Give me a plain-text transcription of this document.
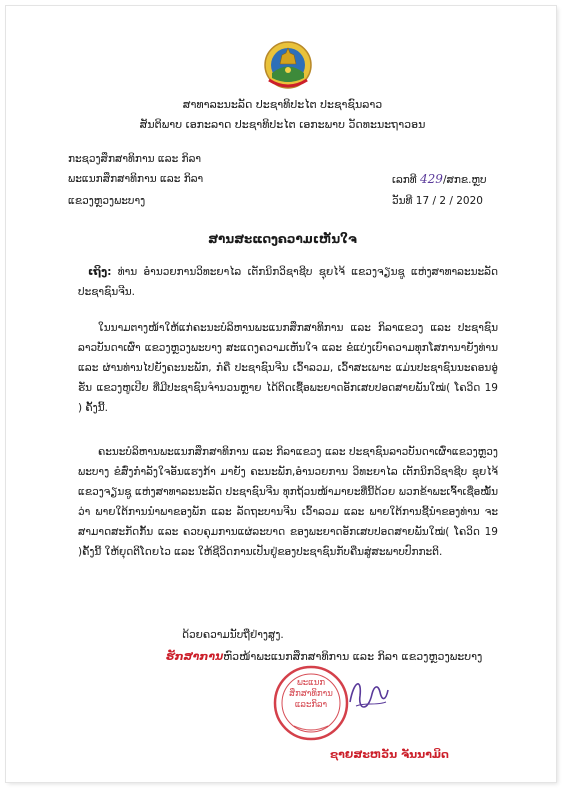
ສາທາລະນະລັດ ປະຊາທິປະໄຕ ປະຊາຊົນລາວ
ສັນຕິພາບ ເອກະລາດ ປະຊາທິປະໄຕ ເອກະພາບ ວັດທະນະຖາວອນ
ກະຊວງສຶກສາທິການ ແລະ ກິລາ
ພະແນກສຶກສາທິການ ແລະ ກິລາ
ແຂວງຫຼວງພະບາງ
ເລກທີ 429/ສກຂ.ຫຼບ
ວັນທີ 17 / 2 / 2020
ສານສະແດງຄວາມເຫັນໃຈ
ເຖິງ: ທ່ານ ອຳນວຍການວິທະຍາໄລ ເຕັກນິກວິຊາຊີບ ຊຸຍໄຈ້ ແຂວງຈຽນຊູ ແຫ່ງສາທາລະນະລັດ ປະຊາຊົນຈີນ.
ໃນນາມຕາງໜ້າໃຫ້ແກ່ຄະນະບໍລິຫານພະແນກສຶກສາທິການ ແລະ ກິລາແຂວງ ແລະ ປະຊາຊົນລາວບັນດາເຜົ່າ ແຂວງຫຼວງພະບາງ ສະແດງຄວາມເຫັນໃຈ ແລະ ຂໍແບ່ງເບົາຄວາມທຸກໂສການາຍັງທ່ານ ແລະ ຜ່ານທ່ານໄປຍັງຄະນະພັກ, ກໍຄື ປະຊາຊົນຈີນ ເວົ້າລວມ, ເວົ້າສະເພາະ ແມ່ນປະຊາຊົນນະຄອນອູ່ຮັ່ນ ແຂວງຫູເປີຍ ທີ່ມີປະຊາຊົນຈຳນວນຫຼາຍ ໄດ້ຕິດເຊື້ອພະຍາດອັກເສບປອດສາຍພັນໃໝ່( ໂຄວິດ 19 ) ຄັ້ງນີ້.
ຄະນະບໍລິຫານພະແນກສຶກສາທິການ ແລະ ກິລາແຂວງ ແລະ ປະຊາຊົນລາວບັນດາເຜົ່າແຂວງຫຼວງພະບາງ ຂໍສົ່ງກຳລັງໃຈອັນແຮງກ້າ ມາຍັງ ຄະນະພັກ,ອຳນວຍການ ວິທະຍາໄລ ເຕັກນິກວິຊາຊີບ ຊຸຍໄຈ້ ແຂວງຈຽນຊູ ແຫ່ງສາທາລະນະລັດ ປະຊາຊົນຈີນ ທຸກຖ້ວນໜ້າມາຍະທີ່ນີ້ດ້ວຍ ພວກຂ້າພະເຈົ້າເຊື່ອໝັ້ນວ່າ ພາຍໃຕ້ການນຳພາຂອງພັກ ແລະ ລັດຖະບານຈີນ ເວົ້າລວມ ແລະ ພາຍໃຕ້ການຊີ້ນຳຂອງທ່ານ ຈະສາມາດສະກັດກັ້ນ ແລະ ຄວບຄຸມການແຜ່ລະບາດ ຂອງພະຍາດອັກເສບປອດສາຍພັນໃໝ່( ໂຄວິດ 19 )ຄັ້ງນີ້ ໃຫ້ຍຸດຕິໂດຍໄວ ແລະ ໃຫ້ຊີວິດການເປັນຢູ່ຂອງປະຊາຊົນກັບຄືນສູ່ສະພາບປົກກະຕິ.
ດ້ວຍຄວາມນັບຖືຢ່າງສູງ.
ຮັກສາການຫົວໜ້າພະແນກສຶກສາທິການ ແລະ ກິລາ ແຂວງຫຼວງພະບາງ
ພະແນກ ສຶກສາທິການ ແລະກິລາ
ຊາຍສະຫວັນ ຈັນນາມິດ
